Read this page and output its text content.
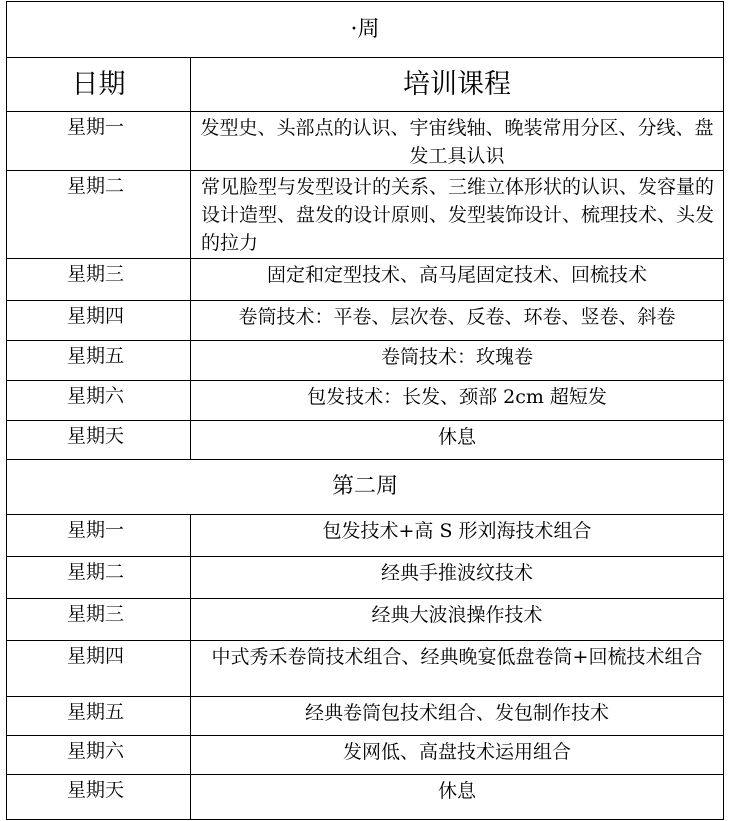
·周	
日期	培训课程
星期一	发型史、头部点的认识、宇宙线轴、晚装常用分区、分线、盘发工具认识
星期二	常见脸型与发型设计的关系、三维立体形状的认识、发容量的设计造型、盘发的设计原则、发型装饰设计、梳理技术、头发的拉力
星期三	固定和定型技术、高马尾固定技术、回梳技术
星期四	卷筒技术：平卷、层次卷、反卷、环卷、竖卷、斜卷
星期五	卷筒技术：玫瑰卷
星期六	包发技术：长发、颈部 2cm 超短发
星期天	休息
第二周	
星期一	包发技术+高 S 形刘海技术组合
星期二	经典手推波纹技术
星期三	经典大波浪操作技术
星期四	中式秀禾卷筒技术组合、经典晚宴低盘卷筒+回梳技术组合
星期五	经典卷筒包技术组合、发包制作技术
星期六	发网低、高盘技术运用组合
星期天	休息
